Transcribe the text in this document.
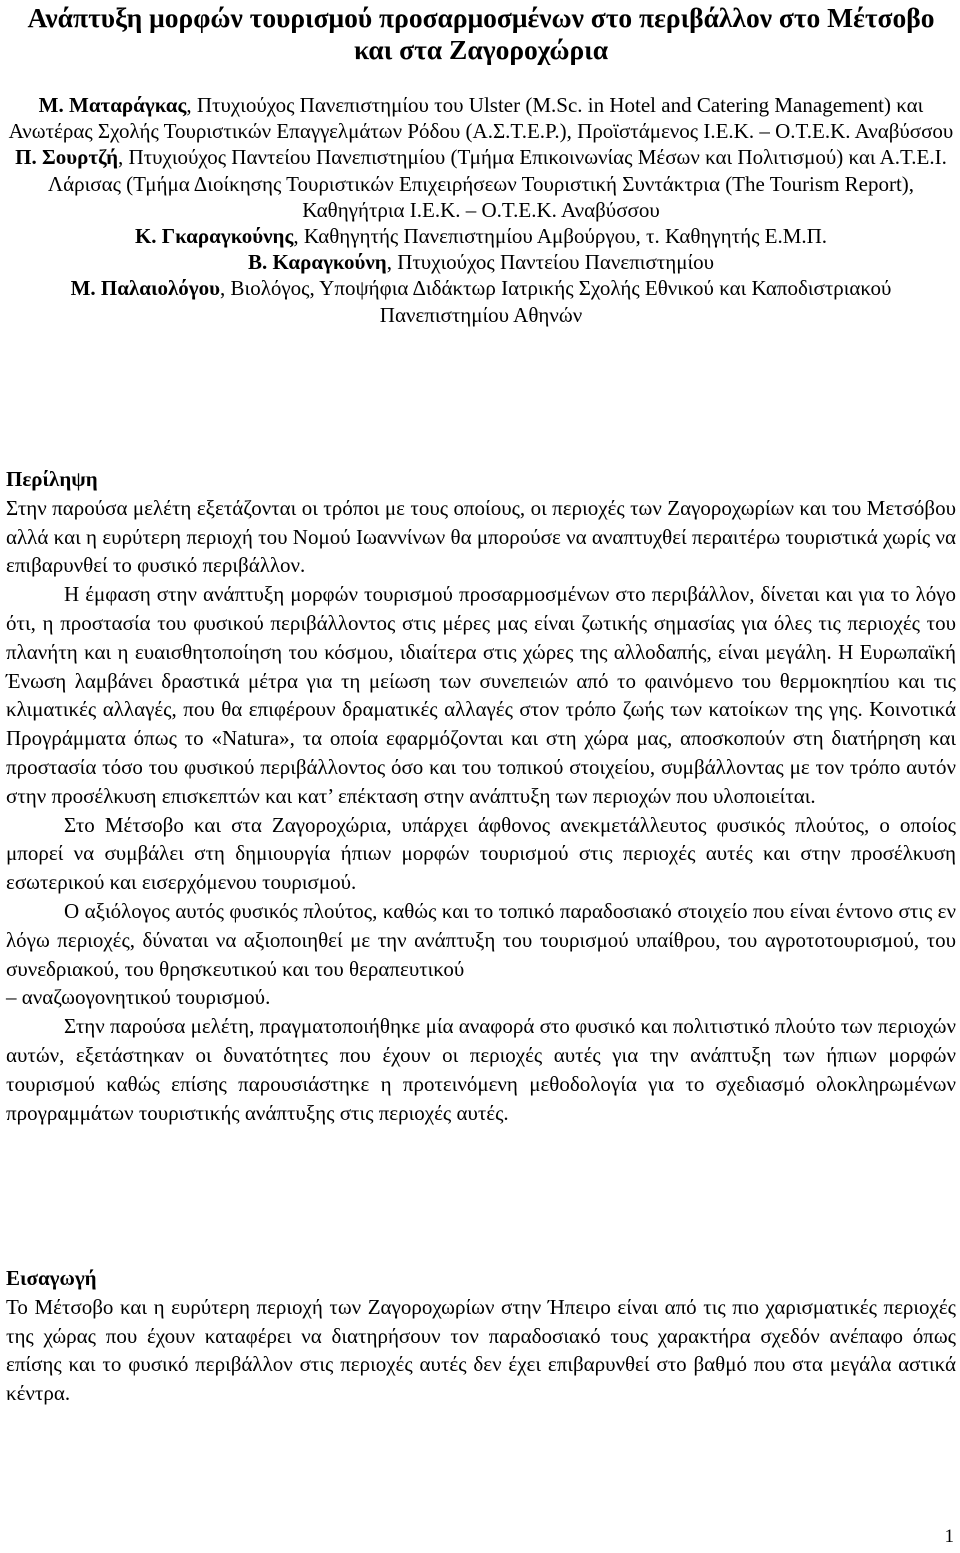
Ανάπτυξη μορφών τουρισμού προσαρμοσμένων στο περιβάλλον στο Μέτσοβο και στα Ζαγοροχώρια
Μ. Ματαράγκας, Πτυχιούχος Πανεπιστημίου του Ulster (M.Sc. in Hotel and Catering Management) και Ανωτέρας Σχολής Τουριστικών Επαγγελμάτων Ρόδου (Α.Σ.Τ.Ε.Ρ.), Προϊστάμενος Ι.Ε.Κ. – Ο.Τ.Ε.Κ. Αναβύσσου
Π. Σουρτζή, Πτυχιούχος Παντείου Πανεπιστημίου (Τμήμα Επικοινωνίας Μέσων και Πολιτισμού) και Α.Τ.Ε.Ι. Λάρισας (Τμήμα Διοίκησης Τουριστικών Επιχειρήσεων Τουριστική Συντάκτρια (The Tourism Report), Καθηγήτρια Ι.Ε.Κ. – Ο.Τ.Ε.Κ. Αναβύσσου
Κ. Γκαραγκούνης, Καθηγητής Πανεπιστημίου Αμβούργου, τ. Καθηγητής Ε.Μ.Π.
Β. Καραγκούνη, Πτυχιούχος Παντείου Πανεπιστημίου
Μ. Παλαιολόγου, Βιολόγος, Υποψήφια Διδάκτωρ Ιατρικής Σχολής Εθνικού και Καποδιστριακού Πανεπιστημίου Αθηνών
Περίληψη

Στην παρούσα μελέτη εξετάζονται οι τρόποι με τους οποίους, οι περιοχές των Ζαγοροχωρίων και του Μετσόβου αλλά και η ευρύτερη περιοχή του Νομού Ιωαννίνων θα μπορούσε να αναπτυχθεί περαιτέρω τουριστικά χωρίς να επιβαρυνθεί το φυσικό περιβάλλον.

Η έμφαση στην ανάπτυξη μορφών τουρισμού προσαρμοσμένων στο περιβάλλον, δίνεται και για το λόγο ότι, η προστασία του φυσικού περιβάλλοντος στις μέρες μας είναι ζωτικής σημασίας για όλες τις περιοχές του πλανήτη και η ευαισθητοποίηση του κόσμου, ιδιαίτερα στις χώρες της αλλοδαπής, είναι μεγάλη. Η Ευρωπαϊκή Ένωση λαμβάνει δραστικά μέτρα για τη μείωση των συνεπειών από το φαινόμενο του θερμοκηπίου και τις κλιματικές αλλαγές, που θα επιφέρουν δραματικές αλλαγές στον τρόπο ζωής των κατοίκων της γης. Κοινοτικά Προγράμματα όπως το «Natura», τα οποία εφαρμόζονται και στη χώρα μας, αποσκοπούν στη διατήρηση και προστασία τόσο του φυσικού περιβάλλοντος όσο και του τοπικού στοιχείου, συμβάλλοντας με τον τρόπο αυτόν στην προσέλκυση επισκεπτών και κατ’ επέκταση στην ανάπτυξη των περιοχών που υλοποιείται.

Στο Μέτσοβο και στα Ζαγοροχώρια, υπάρχει άφθονος ανεκμετάλλευτος φυσικός πλούτος, ο οποίος μπορεί να συμβάλει στη δημιουργία ήπιων μορφών τουρισμού στις περιοχές αυτές και στην προσέλκυση εσωτερικού και εισερχόμενου τουρισμού.

Ο αξιόλογος αυτός φυσικός πλούτος, καθώς και το τοπικό παραδοσιακό στοιχείο που είναι έντονο στις εν λόγω περιοχές, δύναται να αξιοποιηθεί με την ανάπτυξη του τουρισμού υπαίθρου, του αγροτοτουρισμού, του συνεδριακού, του θρησκευτικού και του θεραπευτικού

– αναζωογονητικού τουρισμού.

Στην παρούσα μελέτη, πραγματοποιήθηκε μία αναφορά στο φυσικό και πολιτιστικό πλούτο των περιοχών αυτών, εξετάστηκαν οι δυνατότητες που έχουν οι περιοχές αυτές για την ανάπτυξη των ήπιων μορφών τουρισμού καθώς επίσης παρουσιάστηκε η προτεινόμενη μεθοδολογία για το σχεδιασμό ολοκληρωμένων προγραμμάτων τουριστικής ανάπτυξης στις περιοχές αυτές.

Εισαγωγή

Το Μέτσοβο και η ευρύτερη περιοχή των Ζαγοροχωρίων στην Ήπειρο είναι από τις πιο χαρισματικές περιοχές της χώρας που έχουν καταφέρει να διατηρήσουν τον παραδοσιακό τους χαρακτήρα σχεδόν ανέπαφο όπως επίσης και το φυσικό περιβάλλον στις περιοχές αυτές δεν έχει επιβαρυνθεί στο βαθμό που στα μεγάλα αστικά κέντρα.

1
